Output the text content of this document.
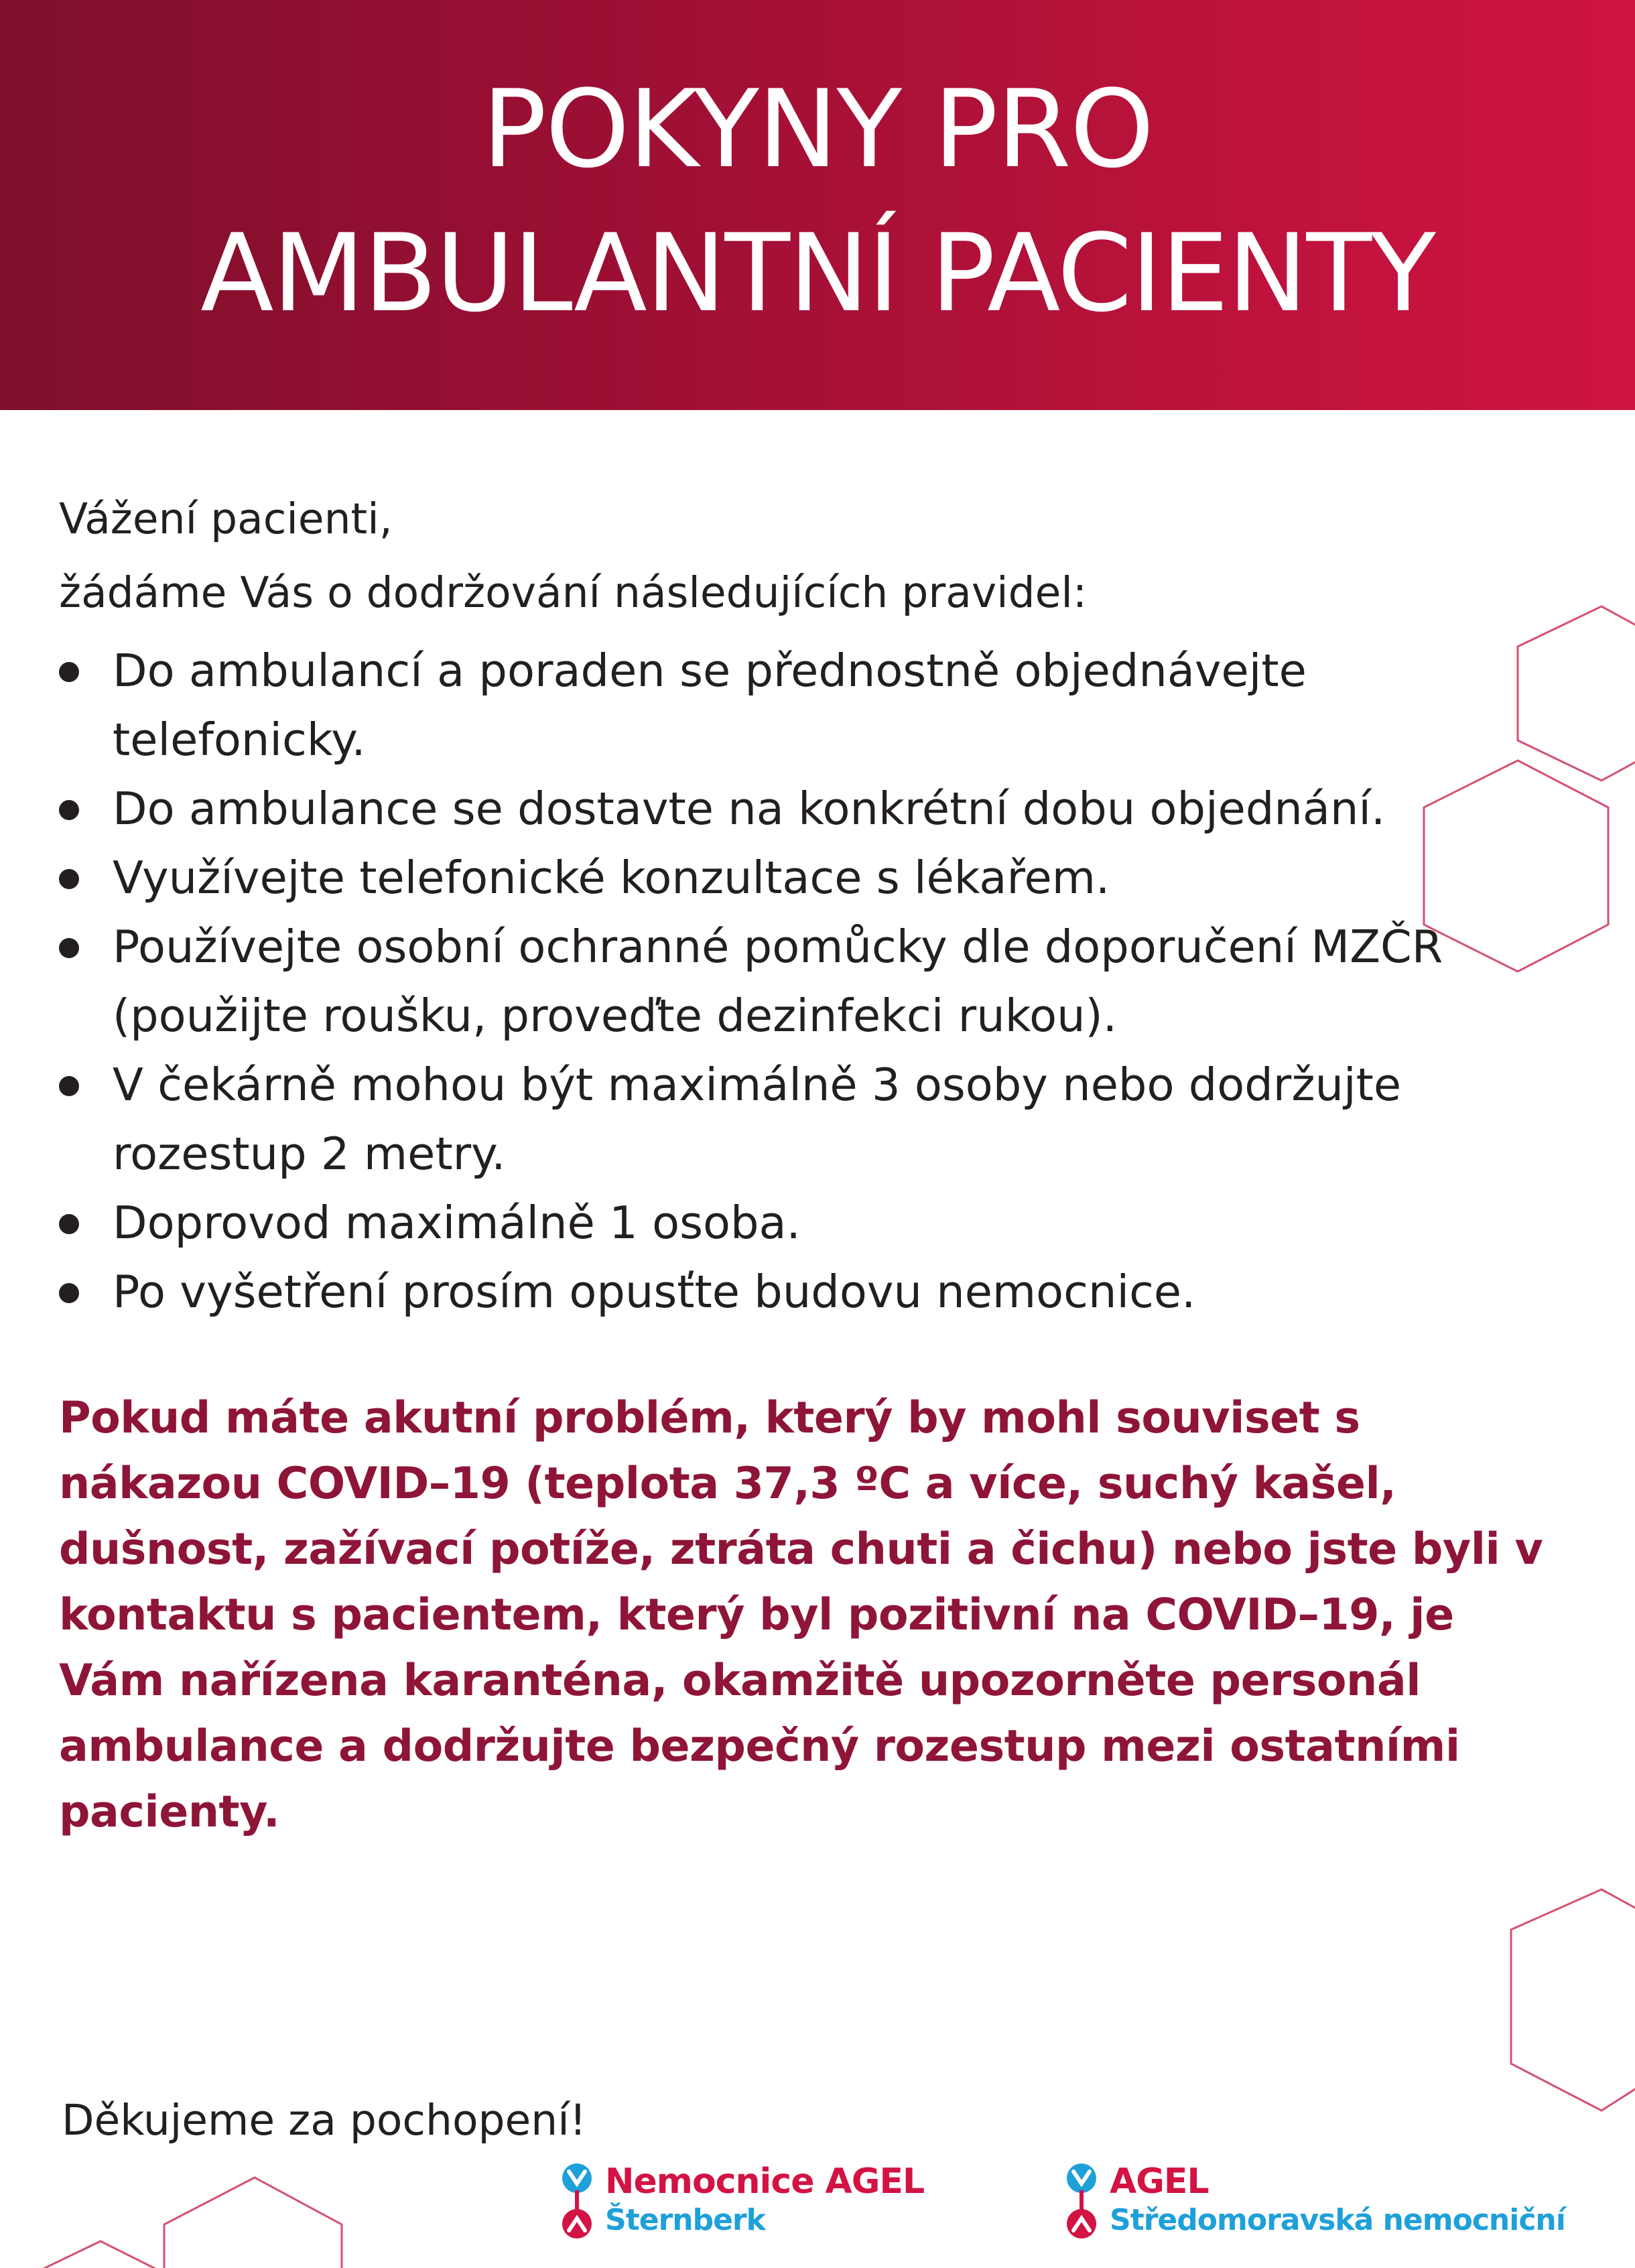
POKYNY PRO
AMBULANTNÍ PACIENTY

Vážení pacienti,
žádáme Vás o dodržování následujících pravidel:

Do ambulancí a poraden se přednostně objednávejte telefonicky.
Do ambulance se dostavte na konkrétní dobu objednání.
Využívejte telefonické konzultace s lékařem.
Používejte osobní ochranné pomůcky dle doporučení MZČR (použijte roušku, proveďte dezinfekci rukou).
V čekárně mohou být maximálně 3 osoby nebo dodržujte rozestup 2 metry.
Doprovod maximálně 1 osoba.
Po vyšetření prosím opusťte budovu nemocnice.

Pokud máte akutní problém, který by mohl souviset s nákazou COVID–19 (teplota 37,3 ºC a více, suchý kašel, dušnost, zažívací potíže, ztráta chuti a čichu) nebo jste byli v kontaktu s pacientem, který byl pozitivní na COVID–19, je Vám nařízena karanténa, okamžitě upozorněte personál ambulance a dodržujte bezpečný rozestup mezi ostatními pacienty.

Děkujeme za pochopení!

Nemocnice AGEL
Šternberk
AGEL
Středomoravská nemocniční
